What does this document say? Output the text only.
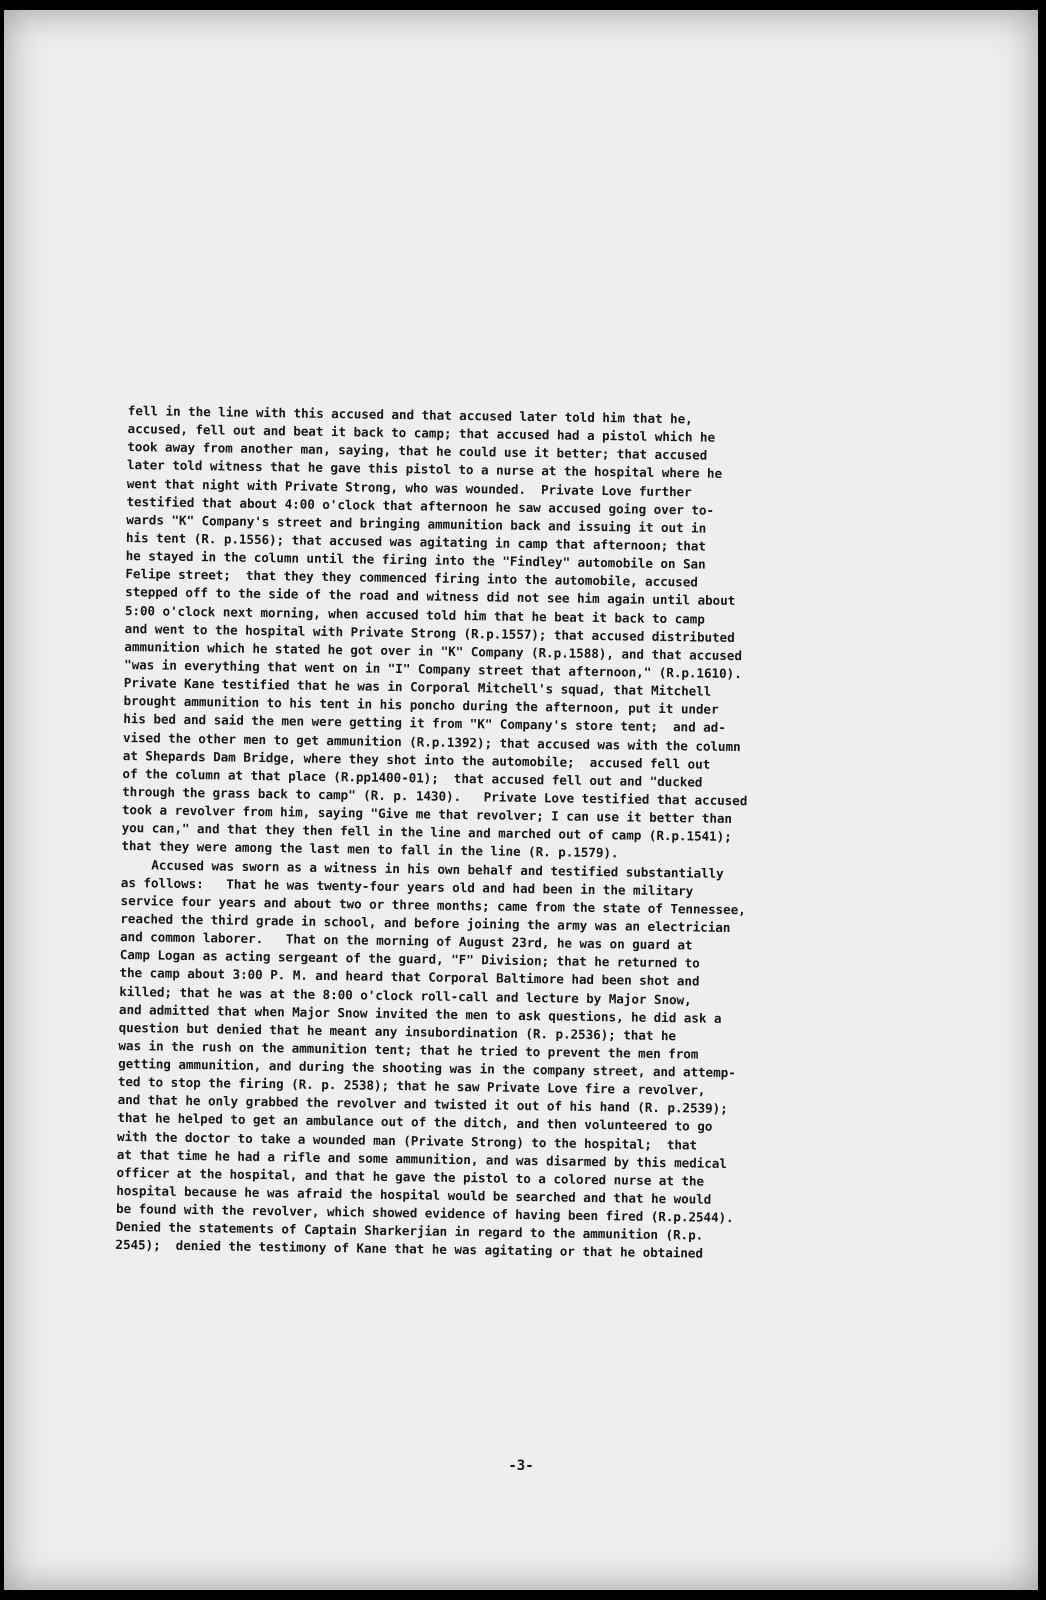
fell in the line with this accused and that accused later told him that he,
accused, fell out and beat it back to camp; that accused had a pistol which he
took away from another man, saying, that he could use it better; that accused
later told witness that he gave this pistol to a nurse at the hospital where he
went that night with Private Strong, who was wounded.  Private Love further
testified that about 4:00 o'clock that afternoon he saw accused going over to-
wards "K" Company's street and bringing ammunition back and issuing it out in
his tent (R. p.1556); that accused was agitating in camp that afternoon; that
he stayed in the column until the firing into the "Findley" automobile on San
Felipe street;  that they they commenced firing into the automobile, accused
stepped off to the side of the road and witness did not see him again until about
5:00 o'clock next morning, when accused told him that he beat it back to camp
and went to the hospital with Private Strong (R.p.1557); that accused distributed
ammunition which he stated he got over in "K" Company (R.p.1588), and that accused
"was in everything that went on in "I" Company street that afternoon," (R.p.1610).
Private Kane testified that he was in Corporal Mitchell's squad, that Mitchell
brought ammunition to his tent in his poncho during the afternoon, put it under
his bed and said the men were getting it from "K" Company's store tent;  and ad-
vised the other men to get ammunition (R.p.1392); that accused was with the column
at Shepards Dam Bridge, where they shot into the automobile;  accused fell out
of the column at that place (R.pp1400-01);  that accused fell out and "ducked
through the grass back to camp" (R. p. 1430).   Private Love testified that accused
took a revolver from him, saying "Give me that revolver; I can use it better than
you can," and that they then fell in the line and marched out of camp (R.p.1541);
that they were among the last men to fall in the line (R. p.1579).
Accused was sworn as a witness in his own behalf and testified substantially
as follows:   That he was twenty-four years old and had been in the military
service four years and about two or three months; came from the state of Tennessee,
reached the third grade in school, and before joining the army was an electrician
and common laborer.   That on the morning of August 23rd, he was on guard at
Camp Logan as acting sergeant of the guard, "F" Division; that he returned to
the camp about 3:00 P. M. and heard that Corporal Baltimore had been shot and
killed; that he was at the 8:00 o'clock roll-call and lecture by Major Snow,
and admitted that when Major Snow invited the men to ask questions, he did ask a
question but denied that he meant any insubordination (R. p.2536); that he
was in the rush on the ammunition tent; that he tried to prevent the men from
getting ammunition, and during the shooting was in the company street, and attemp-
ted to stop the firing (R. p. 2538); that he saw Private Love fire a revolver,
and that he only grabbed the revolver and twisted it out of his hand (R. p.2539);
that he helped to get an ambulance out of the ditch, and then volunteered to go
with the doctor to take a wounded man (Private Strong) to the hospital;  that
at that time he had a rifle and some ammunition, and was disarmed by this medical
officer at the hospital, and that he gave the pistol to a colored nurse at the
hospital because he was afraid the hospital would be searched and that he would
be found with the revolver, which showed evidence of having been fired (R.p.2544).
Denied the statements of Captain Sharkerjian in regard to the ammunition (R.p.
2545);  denied the testimony of Kane that he was agitating or that he obtained
-3-
